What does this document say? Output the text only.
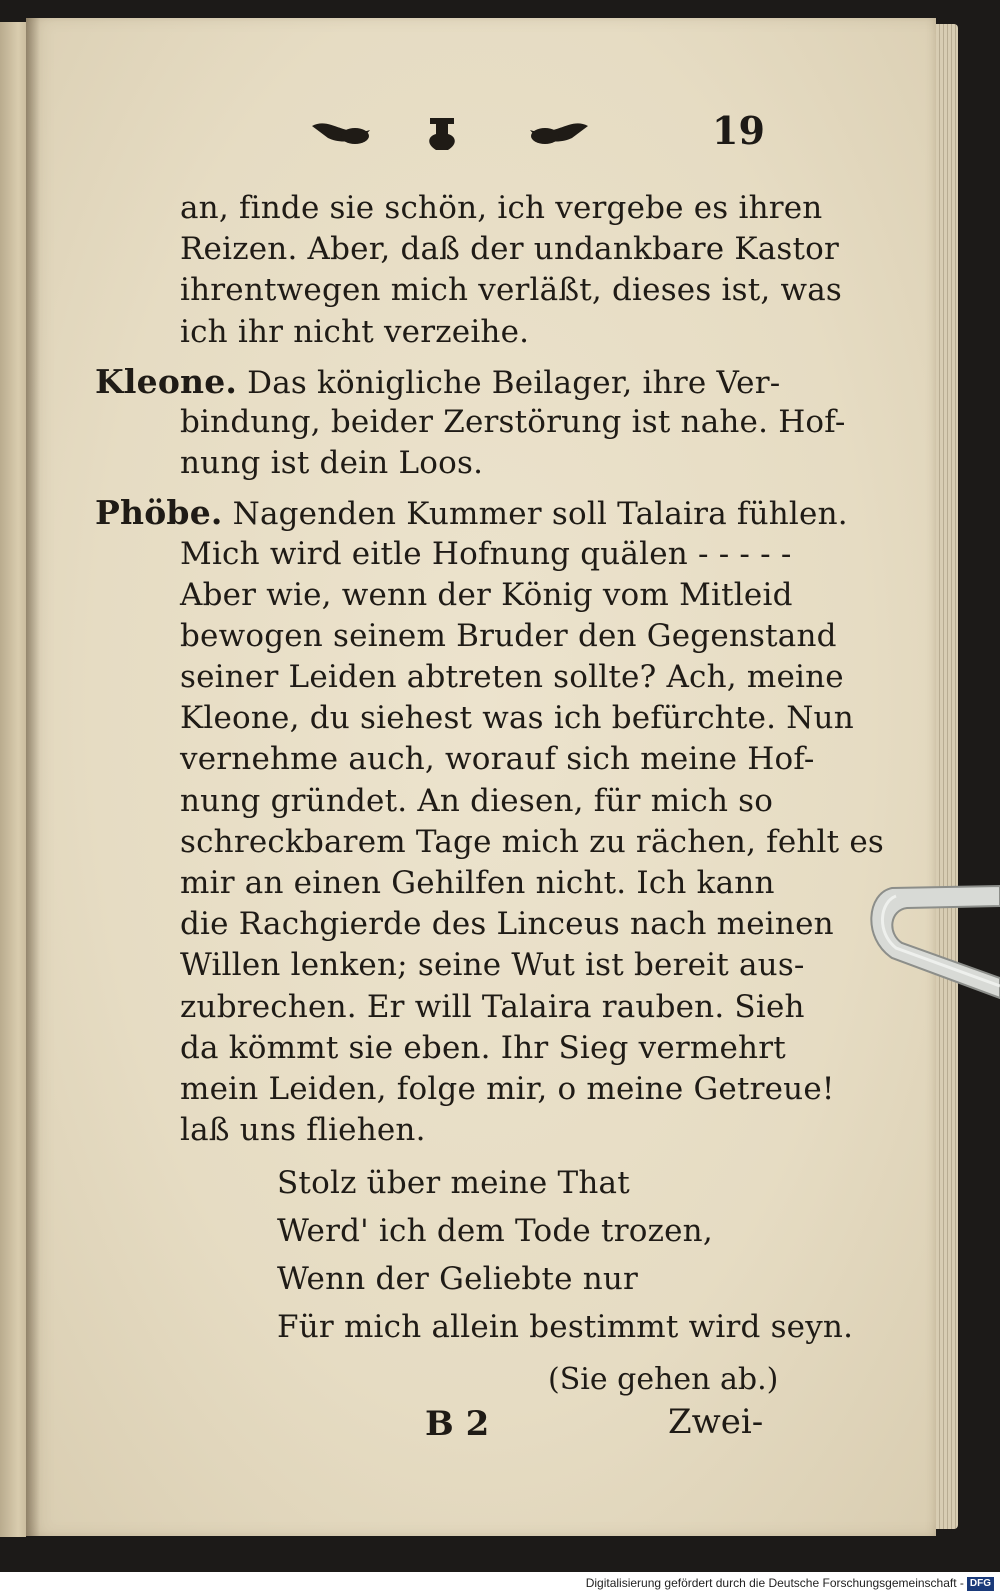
19
an, finde sie schön, ich vergebe es ihren
Reizen. Aber, daß der undankbare Kastor
ihrentwegen mich verläßt, dieses ist, was
ich ihr nicht verzeihe.
Kleone. Das königliche Beilager, ihre Ver-
bindung, beider Zerstörung ist nahe. Hof-
nung ist dein Loos.
Phöbe. Nagenden Kummer soll Talaira fühlen.
Mich wird eitle Hofnung quälen - - - - -
Aber wie, wenn der König vom Mitleid
bewogen seinem Bruder den Gegenstand
seiner Leiden abtreten sollte? Ach, meine
Kleone, du siehest was ich befürchte. Nun
vernehme auch, worauf sich meine Hof-
nung gründet. An diesen, für mich so
schreckbarem Tage mich zu rächen, fehlt es
mir an einen Gehilfen nicht. Ich kann
die Rachgierde des Linceus nach meinen
Willen lenken; seine Wut ist bereit aus-
zubrechen. Er will Talaira rauben. Sieh
da kömmt sie eben. Ihr Sieg vermehrt
mein Leiden, folge mir, o meine Getreue!
laß uns fliehen.
Stolz über meine That
Werd' ich dem Tode trozen,
Wenn der Geliebte nur
Für mich allein bestimmt wird seyn.
(Sie gehen ab.)
B 2	Zwei-
Digitalisierung gefördert durch die Deutsche Forschungsgemeinschaft - DFG
